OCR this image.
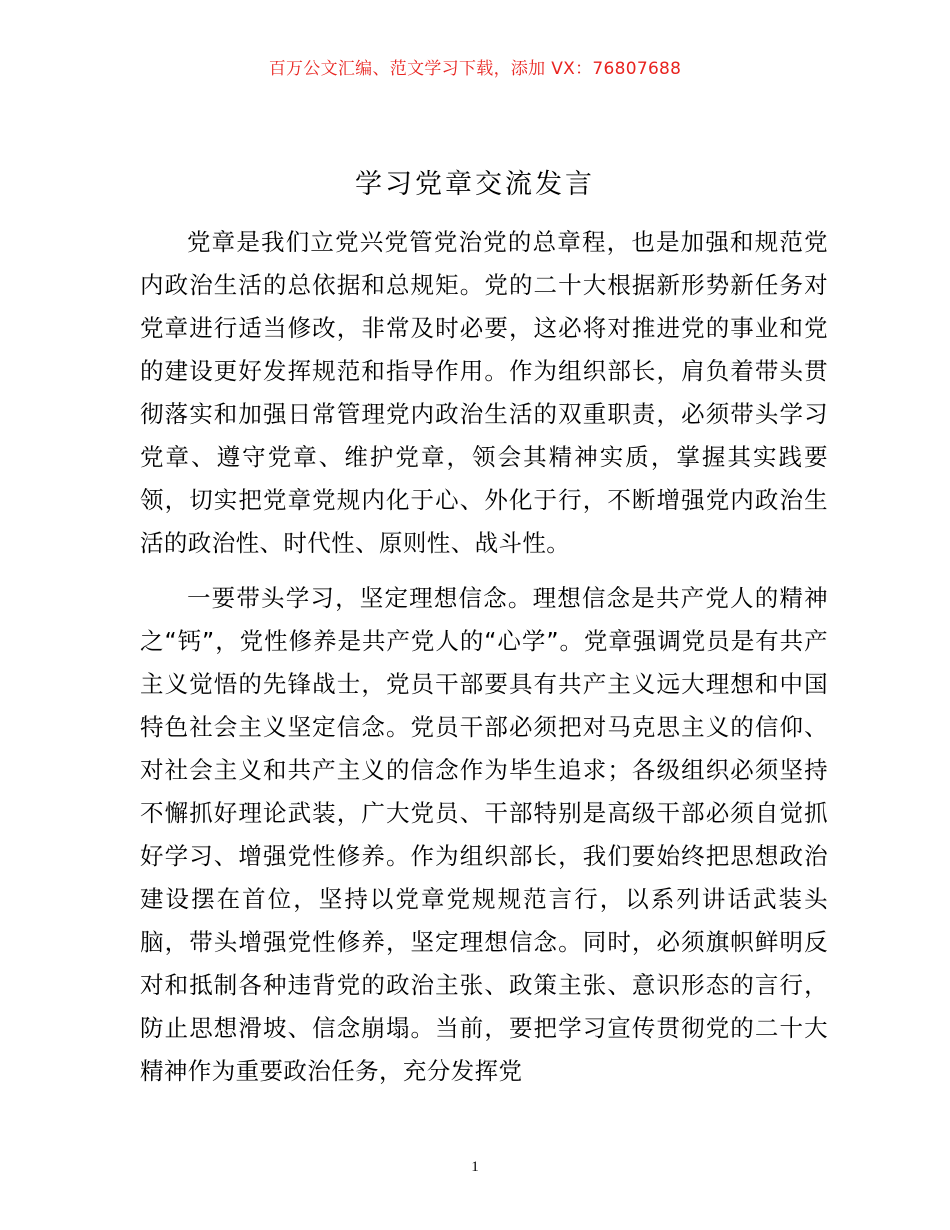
百万公文汇编、范文学习下载，添加 VX：76807688
学习党章交流发言

党章是我们立党兴党管党治党的总章程，也是加强和规范党内政治生活的总依据和总规矩。党的二十大根据新形势新任务对党章进行适当修改，非常及时必要，这必将对推进党的事业和党的建设更好发挥规范和指导作用。作为组织部长，肩负着带头贯彻落实和加强日常管理党内政治生活的双重职责，必须带头学习党章、遵守党章、维护党章，领会其精神实质，掌握其实践要领，切实把党章党规内化于心、外化于行，不断增强党内政治生活的政治性、时代性、原则性、战斗性。

一要带头学习，坚定理想信念。理想信念是共产党人的精神之“钙”，党性修养是共产党人的“心学”。党章强调党员是有共产主义觉悟的先锋战士，党员干部要具有共产主义远大理想和中国特色社会主义坚定信念。党员干部必须把对马克思主义的信仰、对社会主义和共产主义的信念作为毕生追求；各级组织必须坚持不懈抓好理论武装，广大党员、干部特别是高级干部必须自觉抓好学习、增强党性修养。作为组织部长，我们要始终把思想政治建设摆在首位，坚持以党章党规规范言行，以系列讲话武装头脑，带头增强党性修养，坚定理想信念。同时，必须旗帜鲜明反对和抵制各种违背党的政治主张、政策主张、意识形态的言行，防止思想滑坡、信念崩塌。当前，要把学习宣传贯彻党的二十大精神作为重要政治任务，充分发挥党

1
